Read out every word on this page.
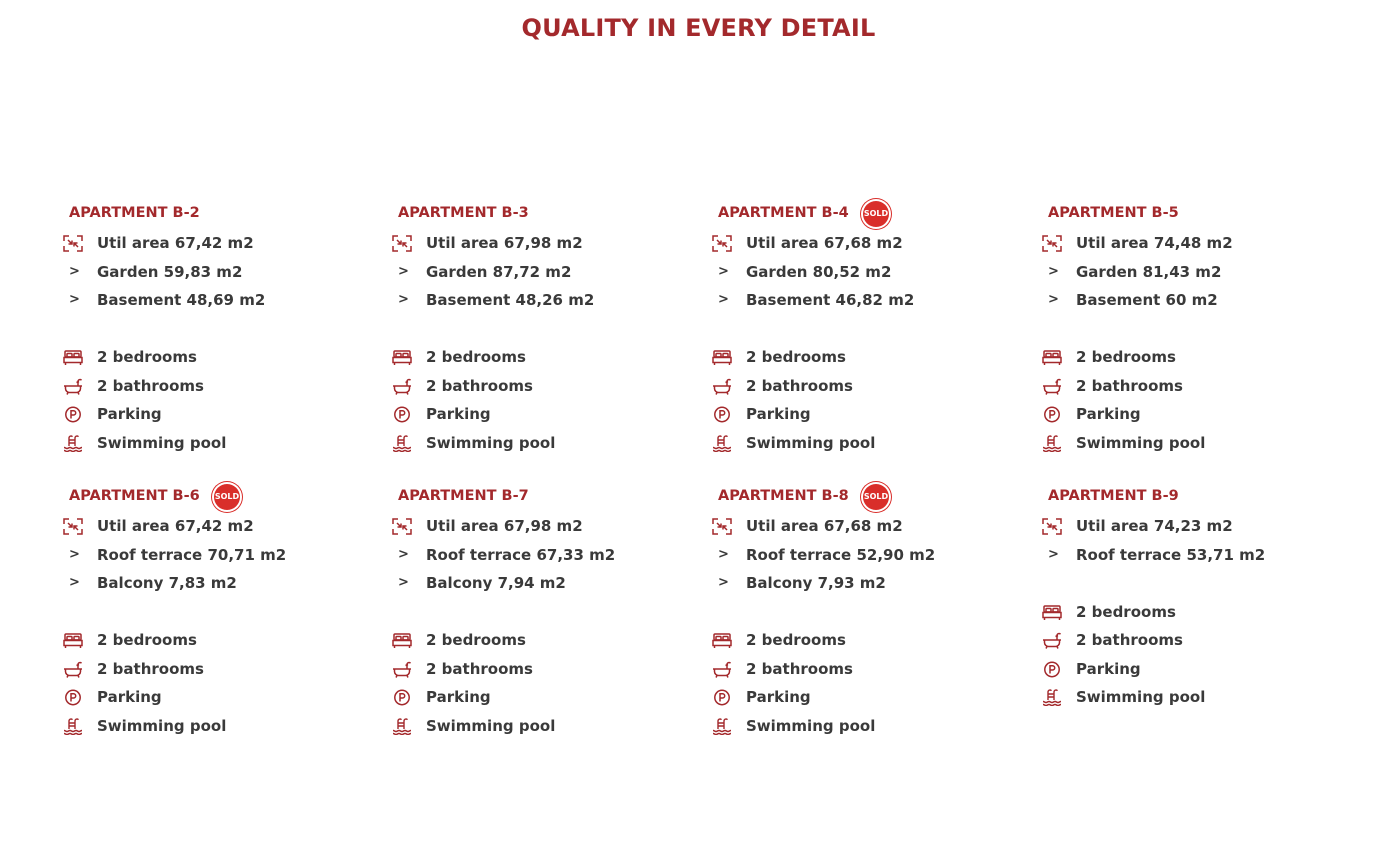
QUALITY IN EVERY DETAIL
APARTMENT B-2
Util area 67,42 m2
> Garden 59,83 m2
> Basement 48,69 m2
2 bedrooms
2 bathrooms
Parking
Swimming pool
APARTMENT B-3
Util area 67,98 m2
> Garden 87,72 m2
> Basement 48,26 m2
2 bedrooms
2 bathrooms
Parking
Swimming pool
APARTMENT B-4	SOLD
Util area 67,68 m2
> Garden 80,52 m2
> Basement 46,82 m2
2 bedrooms
2 bathrooms
Parking
Swimming pool
APARTMENT B-5
Util area 74,48 m2
> Garden 81,43 m2
> Basement 60 m2
2 bedrooms
2 bathrooms
Parking
Swimming pool
APARTMENT B-6	SOLD
Util area 67,42 m2
> Roof terrace 70,71 m2
> Balcony 7,83 m2
2 bedrooms
2 bathrooms
Parking
Swimming pool
APARTMENT B-7
Util area 67,98 m2
> Roof terrace 67,33 m2
> Balcony 7,94 m2
2 bedrooms
2 bathrooms
Parking
Swimming pool
APARTMENT B-8	SOLD
Util area 67,68 m2
> Roof terrace 52,90 m2
> Balcony 7,93 m2
2 bedrooms
2 bathrooms
Parking
Swimming pool
APARTMENT B-9
Util area 74,23 m2
> Roof terrace 53,71 m2
2 bedrooms
2 bathrooms
Parking
Swimming pool
